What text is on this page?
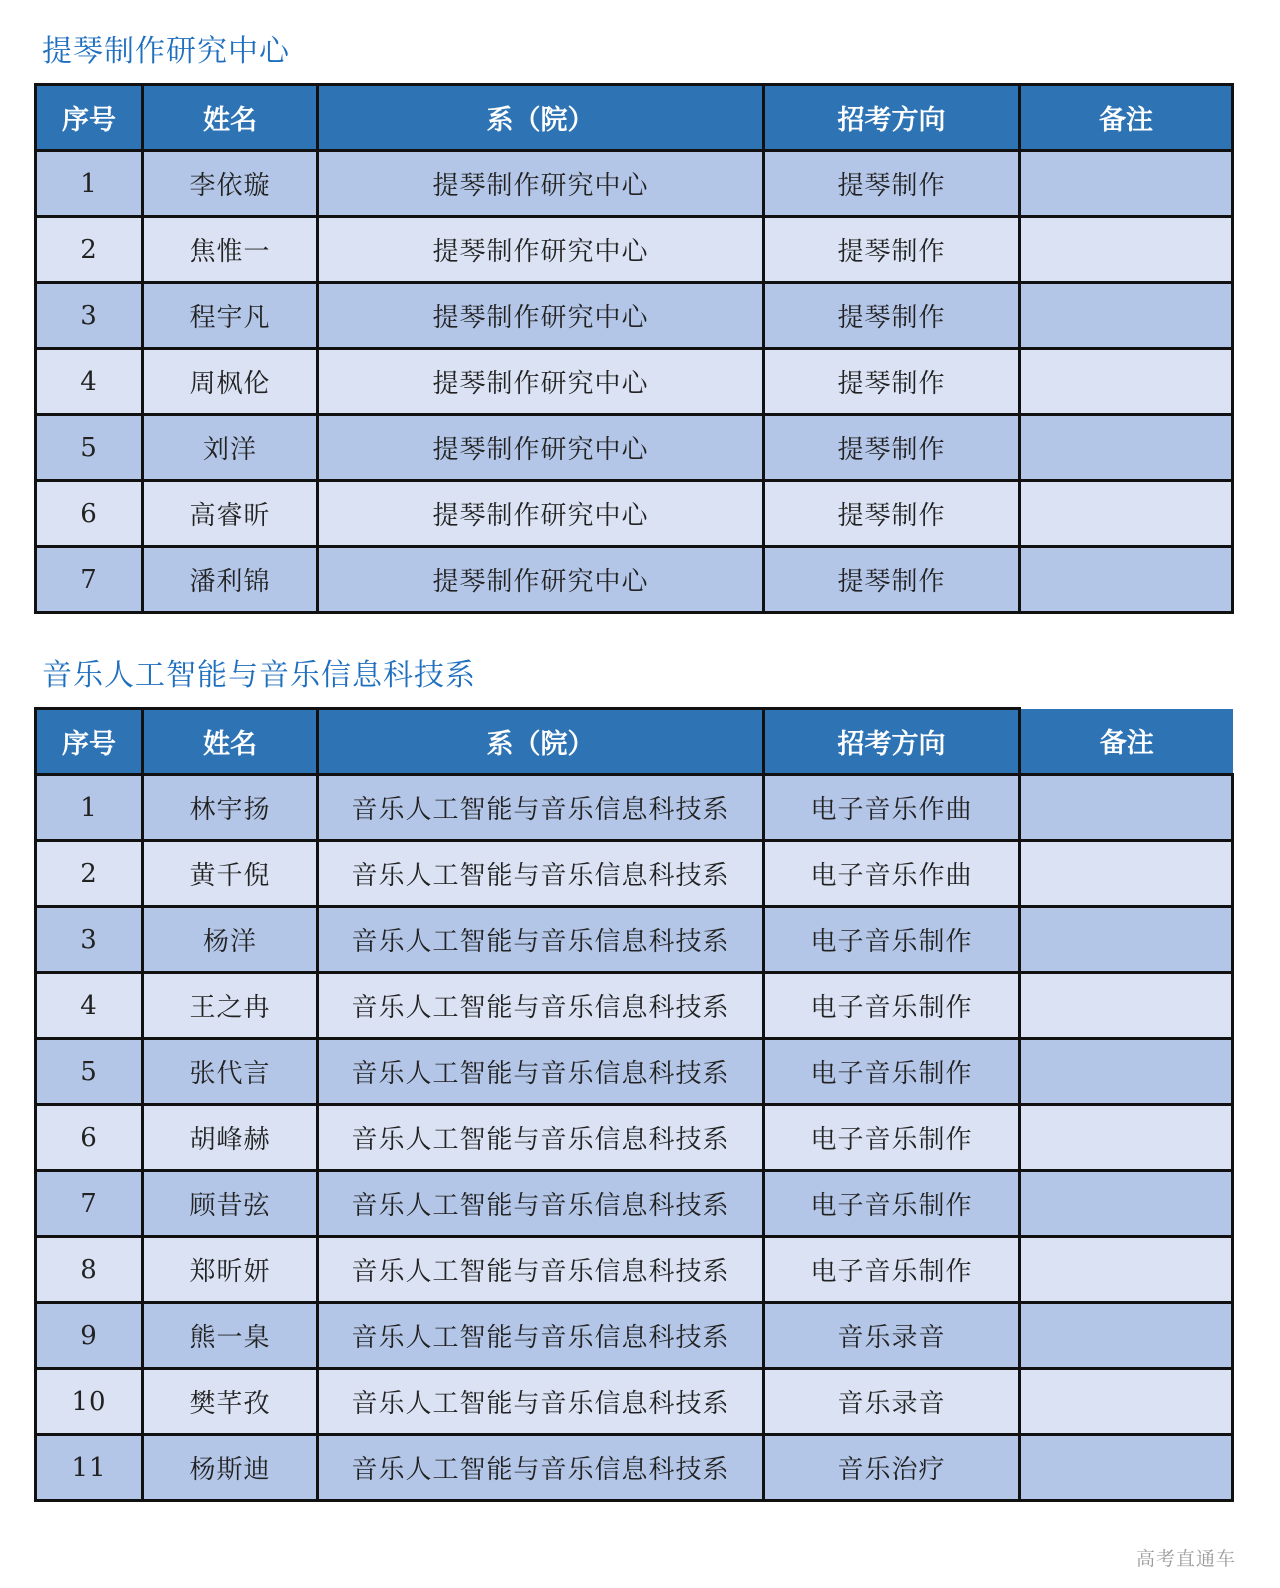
提琴制作研究中心
序号	姓名	系（院）	招考方向	备注
1	李依璇	提琴制作研究中心	提琴制作	
2	焦惟一	提琴制作研究中心	提琴制作	
3	程宇凡	提琴制作研究中心	提琴制作	
4	周枫伦	提琴制作研究中心	提琴制作	
5	刘洋	提琴制作研究中心	提琴制作	
6	高睿昕	提琴制作研究中心	提琴制作	
7	潘利锦	提琴制作研究中心	提琴制作	
音乐人工智能与音乐信息科技系
序号	姓名	系（院）	招考方向	备注
1	林宇扬	音乐人工智能与音乐信息科技系	电子音乐作曲	
2	黄千倪	音乐人工智能与音乐信息科技系	电子音乐作曲	
3	杨洋	音乐人工智能与音乐信息科技系	电子音乐制作	
4	王之冉	音乐人工智能与音乐信息科技系	电子音乐制作	
5	张代言	音乐人工智能与音乐信息科技系	电子音乐制作	
6	胡峰赫	音乐人工智能与音乐信息科技系	电子音乐制作	
7	顾昔弦	音乐人工智能与音乐信息科技系	电子音乐制作	
8	郑昕妍	音乐人工智能与音乐信息科技系	电子音乐制作	
9	熊一臬	音乐人工智能与音乐信息科技系	音乐录音	
10	樊芊孜	音乐人工智能与音乐信息科技系	音乐录音	
11	杨斯迪	音乐人工智能与音乐信息科技系	音乐治疗	
高考直通车
